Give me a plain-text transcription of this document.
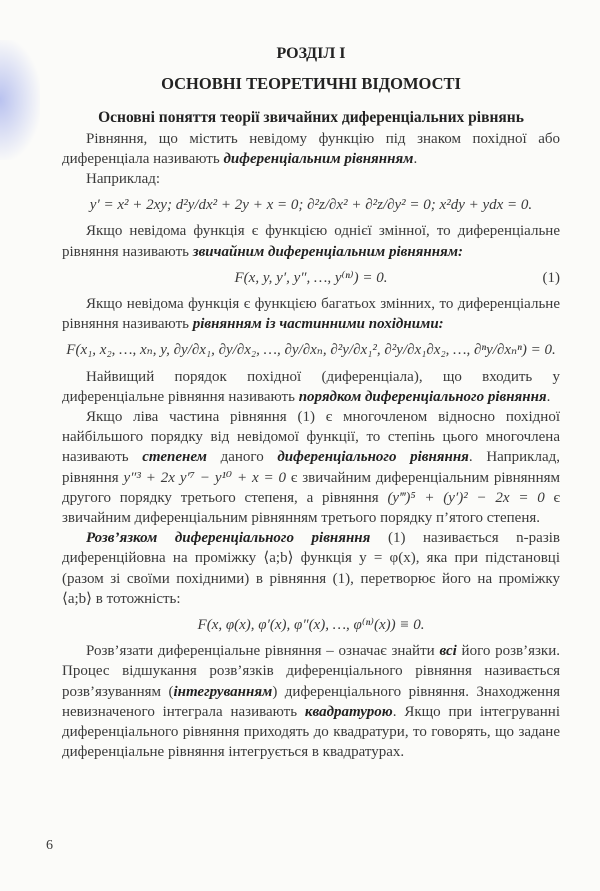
РОЗДІЛ І
ОСНОВНІ ТЕОРЕТИЧНІ ВІДОМОСТІ
Основні поняття теорії звичайних диференціальних рівнянь

Рівняння, що містить невідому функцію під знаком похідної або диференціала називають диференціальним рівнянням.

Наприклад:

y′ = x² + 2xy; d²y/dx² + 2y + x = 0; ∂²z/∂x² + ∂²z/∂y² = 0; x²dy + ydx = 0.

Якщо невідома функція є функцією однієї змінної, то диференціальне рівняння називають звичайним диференціальним рівнянням:

F(x, y, y′, y″, …, y⁽ⁿ⁾) = 0.	(1)

Якщо невідома функція є функцією багатьох змінних, то диференціальне рівняння називають рівнянням із частинними похідними:

F(x₁, x₂, …, xₙ, y, ∂y/∂x₁, ∂y/∂x₂, …, ∂y/∂xₙ, ∂²y/∂x₁², ∂²y/∂x₁∂x₂, …, ∂ⁿy/∂xₙⁿ) = 0.

Найвищий порядок похідної (диференціала), що входить у диференціальне рівняння називають порядком диференціального рівняння.

Якщо ліва частина рівняння (1) є многочленом відносно похідної найбільшого порядку від невідомої функції, то степінь цього многочлена називають степенем даного диференціального рівняння. Наприклад, рівняння y″³ + 2x y′⁷ − y¹⁰ + x = 0 є звичайним диференціальним рівнянням другого порядку третього степеня, а рівняння (y‴)⁵ + (y′)² − 2x = 0 є звичайним диференціальним рівнянням третього порядку п’ятого степеня.

Розв’язком диференціального рівняння (1) називається n-разів диференційовна на проміжку ⟨a;b⟩ функція y = φ(x), яка при підстановці (разом зі своїми похідними) в рівняння (1), перетворює його на проміжку ⟨a;b⟩ в тотожність:

F(x, φ(x), φ′(x), φ″(x), …, φ⁽ⁿ⁾(x)) ≡ 0.

Розв’язати диференціальне рівняння – означає знайти всі його розв’язки. Процес відшукання розв’язків диференціального рівняння називається розв’язуванням (інтегруванням) диференціального рівняння. Знаходження невизначеного інтеграла називають квадратурою. Якщо при інтегруванні диференціального рівняння приходять до квадратури, то говорять, що задане диференціальне рівняння інтегрується в квадратурах.

6
